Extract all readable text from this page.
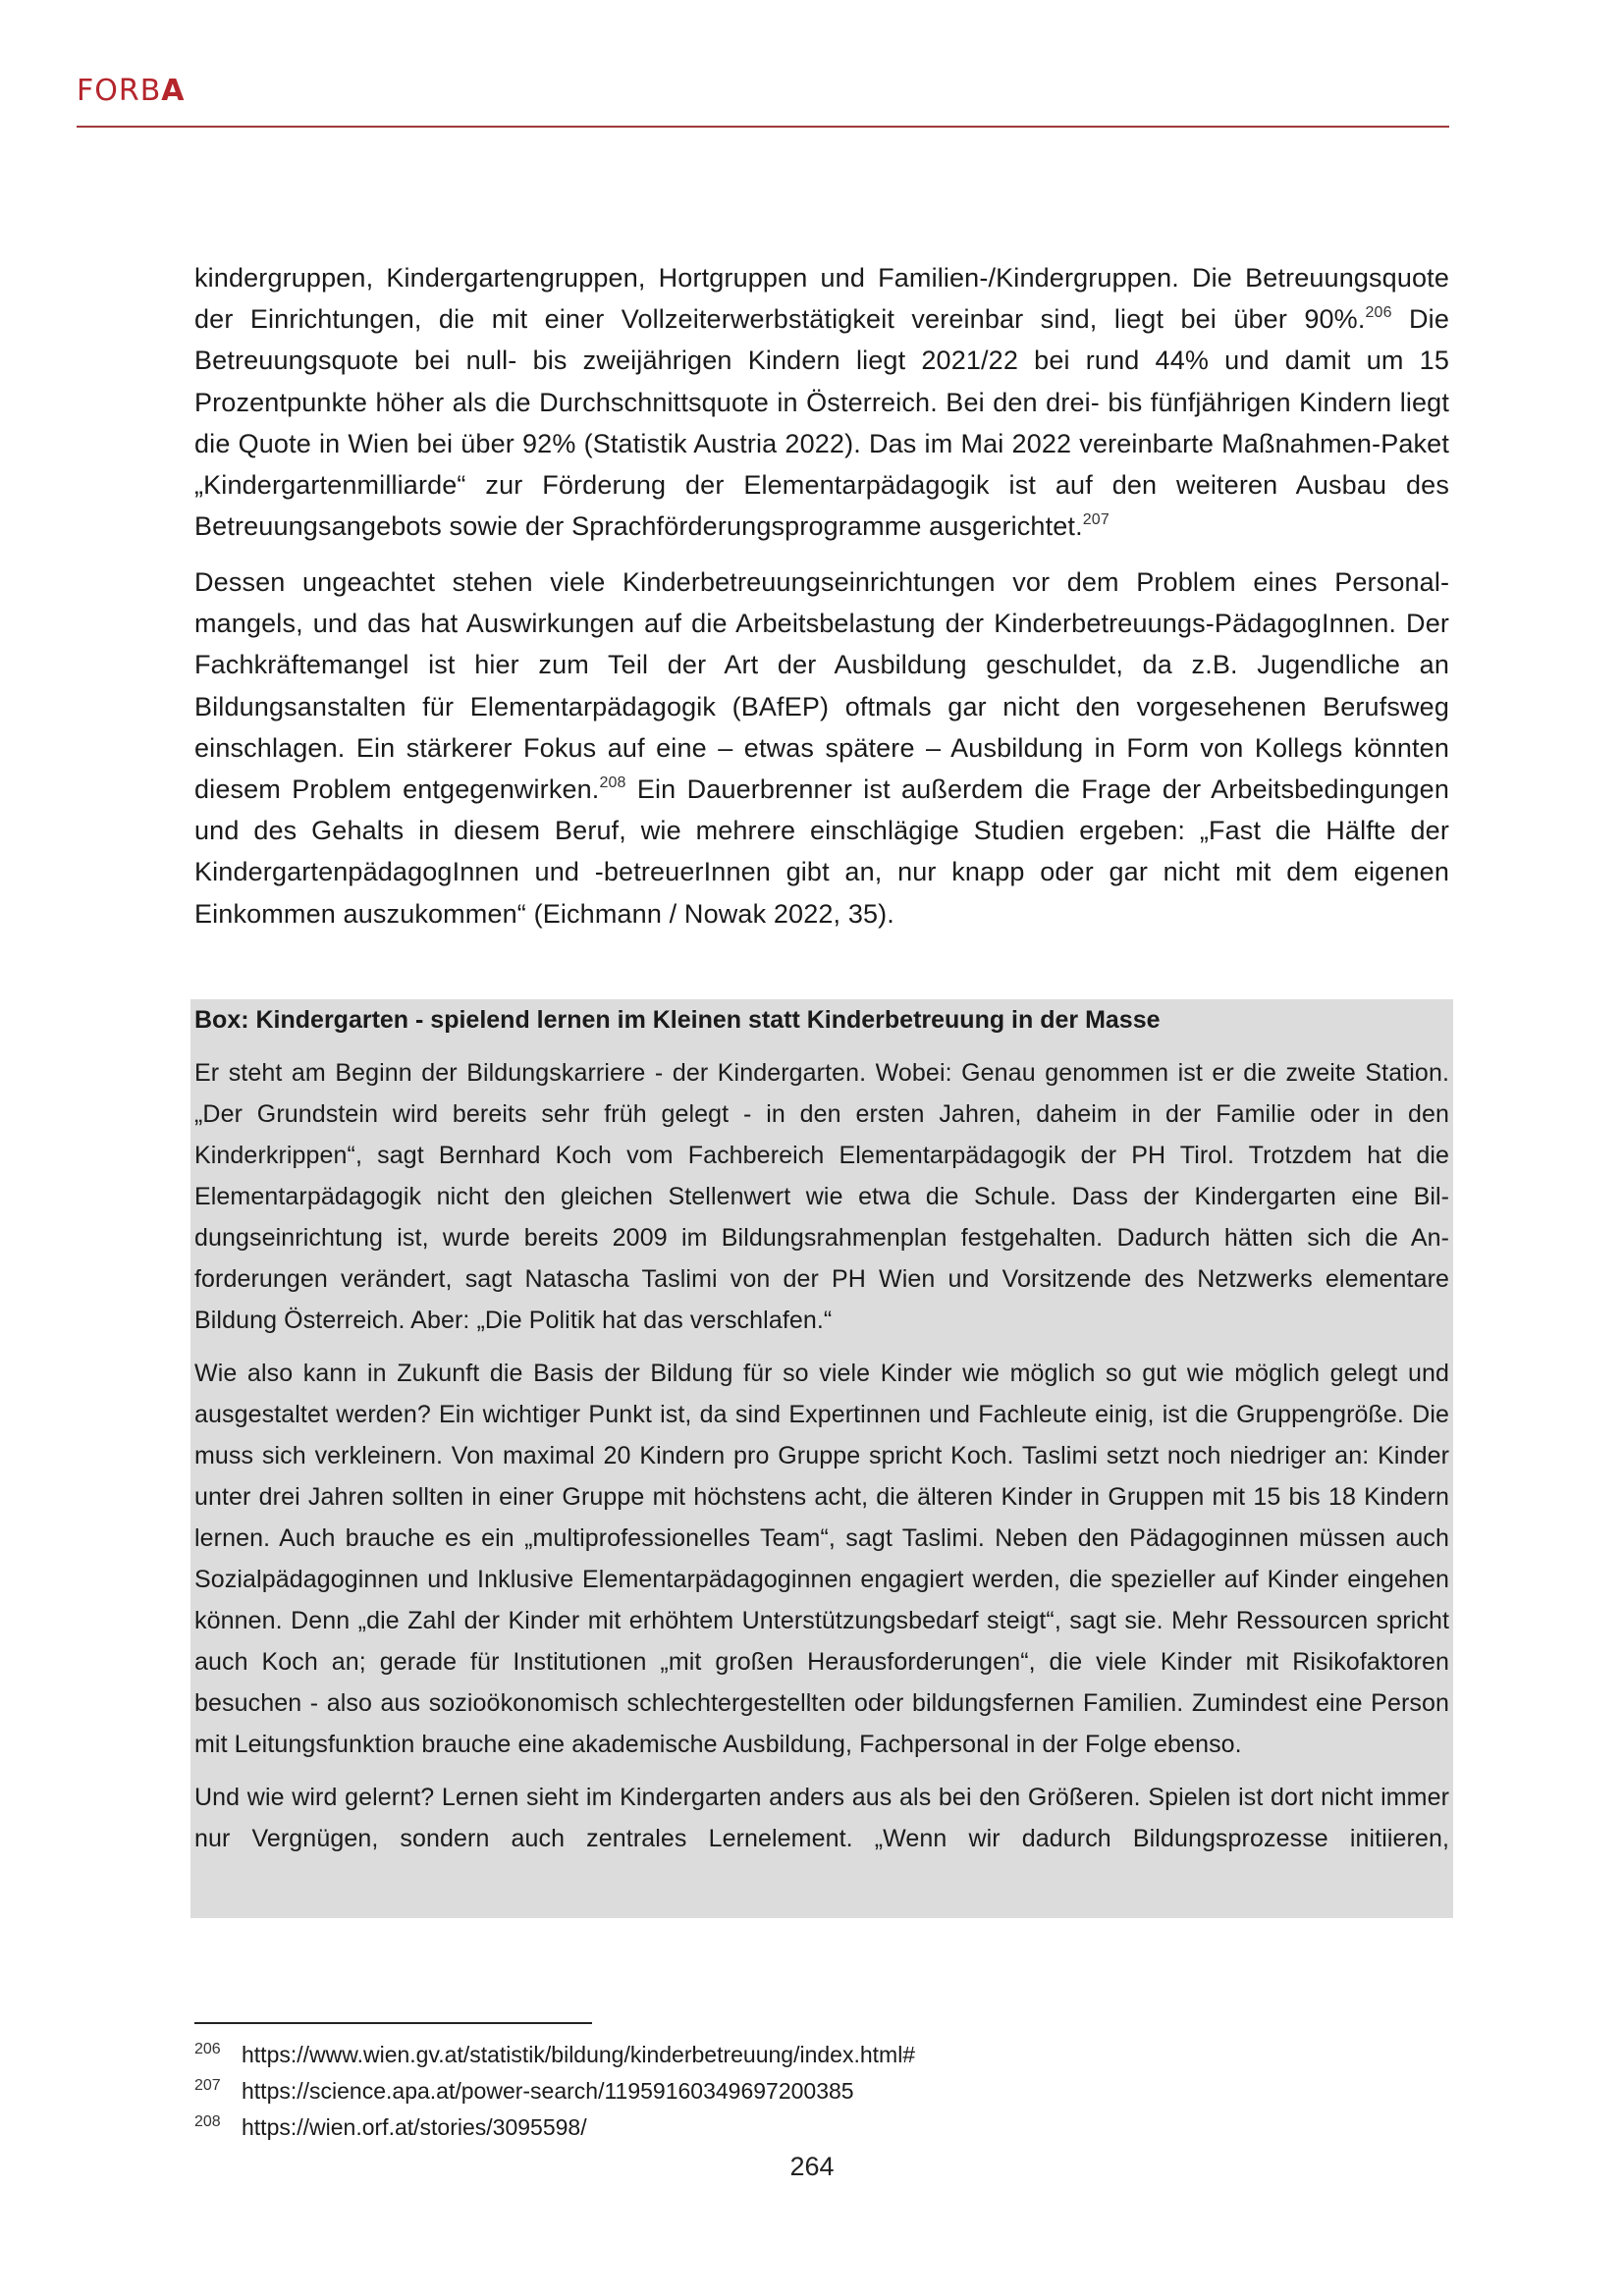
FORBA

kindergruppen, Kindergartengruppen, Hortgruppen und Familien-/Kindergruppen. Die Betreuungsquote der Einrichtungen, die mit einer Vollzeiterwerbstätigkeit vereinbar sind, liegt bei über 90%.$^{206}$ Die Betreuungsquote bei null- bis zweijährigen Kindern liegt 2021/22 bei rund 44% und damit um 15 Prozentpunkte höher als die Durchschnittsquote in Österreich. Bei den drei- bis fünfjährigen Kindern liegt die Quote in Wien bei über 92% (Statistik Austria 2022). Das im Mai 2022 vereinbarte Maßnahmen-Paket „Kindergartenmilliarde“ zur Förderung der Elementarpädagogik ist auf den weiteren Ausbau des Betreuungsangebots sowie der Sprachförderungsprogramme ausgerichtet.$^{207}$

Dessen ungeachtet stehen viele Kinderbetreuungseinrichtungen vor dem Problem eines Personalmangels, und das hat Auswirkungen auf die Arbeitsbelastung der Kinderbetreuungs-PädagogInnen. Der Fachkräftemangel ist hier zum Teil der Art der Ausbildung geschuldet, da z.B. Jugendliche an Bildungsanstalten für Elementarpädagogik (BAfEP) oftmals gar nicht den vorgesehenen Berufsweg einschlagen. Ein stärkerer Fokus auf eine – etwas spätere – Ausbildung in Form von Kollegs könnten diesem Problem entgegenwirken.$^{208}$ Ein Dauerbrenner ist außerdem die Frage der Arbeitsbedingungen und des Gehalts in diesem Beruf, wie mehrere einschlägige Studien ergeben: „Fast die Hälfte der KindergartenpädagogInnen und -betreuerInnen gibt an, nur knapp oder gar nicht mit dem eigenen Einkommen auszukommen“ (Eichmann / Nowak 2022, 35).

Box: Kindergarten - spielend lernen im Kleinen statt Kinderbetreuung in der Masse

Er steht am Beginn der Bildungskarriere - der Kindergarten. Wobei: Genau genommen ist er die zweite Station. „Der Grundstein wird bereits sehr früh gelegt - in den ersten Jahren, daheim in der Familie oder in den Kinderkrippen“, sagt Bernhard Koch vom Fachbereich Elementarpädagogik der PH Tirol. Trotzdem hat die Elementarpädagogik nicht den gleichen Stellenwert wie etwa die Schule. Dass der Kindergarten eine Bildungseinrichtung ist, wurde bereits 2009 im Bildungsrahmenplan festgehalten. Dadurch hätten sich die Anforderungen verändert, sagt Natascha Taslimi von der PH Wien und Vorsitzende des Netzwerks elementare Bildung Österreich. Aber: „Die Politik hat das verschlafen.“

Wie also kann in Zukunft die Basis der Bildung für so viele Kinder wie möglich so gut wie möglich gelegt und ausgestaltet werden? Ein wichtiger Punkt ist, da sind Expertinnen und Fachleute einig, ist die Gruppengröße. Die muss sich verkleinern. Von maximal 20 Kindern pro Gruppe spricht Koch. Taslimi setzt noch niedriger an: Kinder unter drei Jahren sollten in einer Gruppe mit höchstens acht, die älteren Kinder in Gruppen mit 15 bis 18 Kindern lernen. Auch brauche es ein „multiprofessionelles Team“, sagt Taslimi. Neben den Pädagoginnen müssen auch Sozialpädagoginnen und Inklusive Elementarpädagoginnen engagiert werden, die spezieller auf Kinder eingehen können. Denn „die Zahl der Kinder mit erhöhtem Unterstützungsbedarf steigt“, sagt sie. Mehr Ressourcen spricht auch Koch an; gerade für Institutionen „mit großen Herausforderungen“, die viele Kinder mit Risikofaktoren besuchen - also aus sozioökonomisch schlechtergestellten oder bildungsfernen Familien. Zumindest eine Person mit Leitungsfunktion brauche eine akademische Ausbildung, Fachpersonal in der Folge ebenso.

Und wie wird gelernt? Lernen sieht im Kindergarten anders aus als bei den Größeren. Spielen ist dort nicht immer nur Vergnügen, sondern auch zentrales Lernelement. „Wenn wir dadurch Bildungsprozesse initiieren,

206 https://www.wien.gv.at/statistik/bildung/kinderbetreuung/index.html#
207 https://science.apa.at/power-search/11959160349697200385
208 https://wien.orf.at/stories/3095598/
264
